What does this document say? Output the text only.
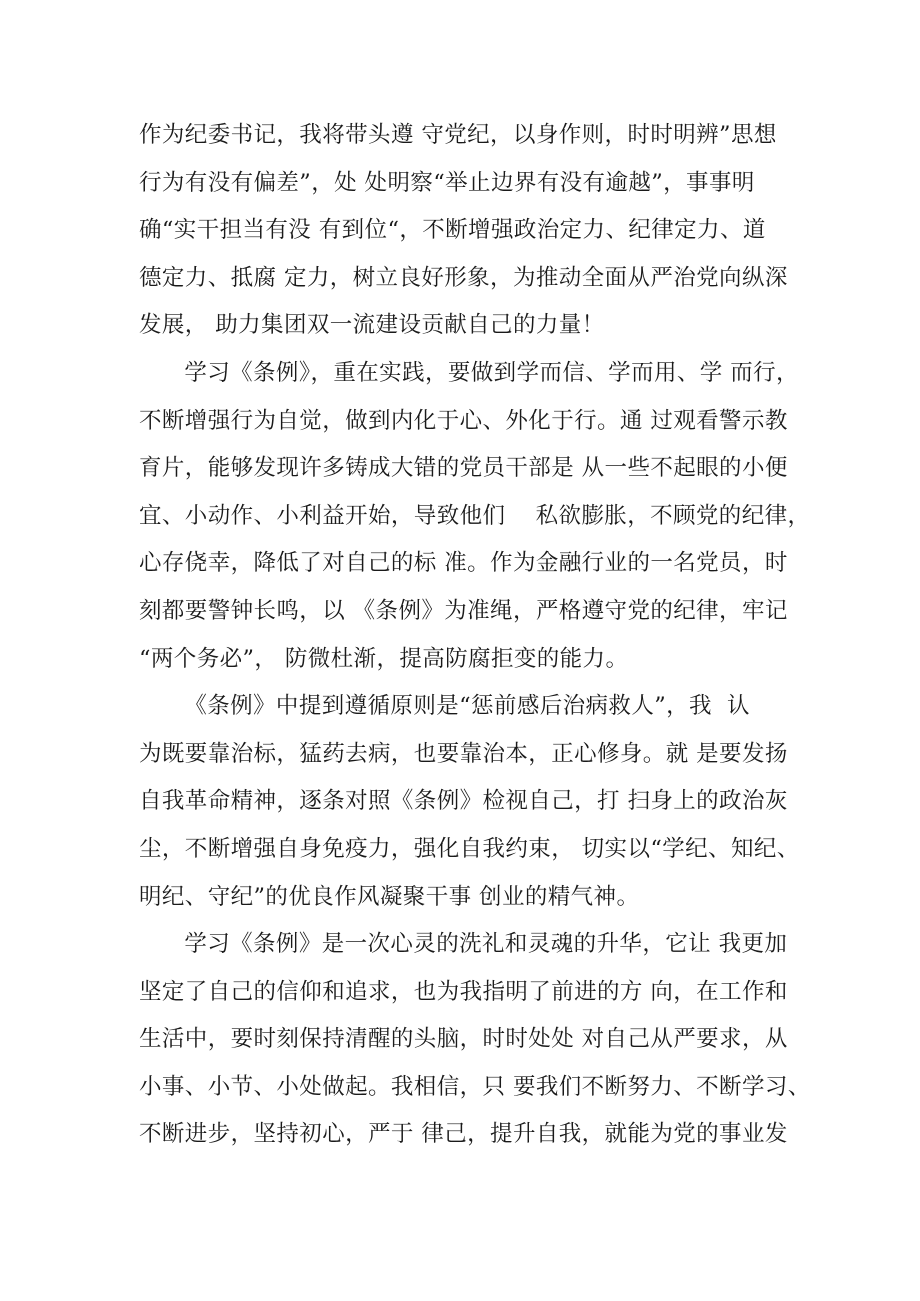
作为纪委书记，我将带头遵 守党纪，以身作则，时时明辨”思想
行为有没有偏差”，处 处明察“举止边界有没有逾越”，事事明
确“实干担当有没 有到位“，不断增强政治定力、纪律定力、道
德定力、抵腐 定力，树立良好形象，为推动全面从严治党向纵深
发展， 助力集团双一流建设贡献自己的力量！
学习《条例》，重在实践，要做到学而信、学而用、学 而行，
不断增强行为自觉，做到内化于心、外化于行。通 过观看警示教
育片，能够发现许多铸成大错的党员干部是 从一些不起眼的小便
宜、小动作、小利益开始，导致他们    私欲膨胀，不顾党的纪律，
心存侥幸，降低了对自己的标 准。作为金融行业的一名党员，时
刻都要警钟长鸣，以 《条例》为准绳，严格遵守党的纪律，牢记
“两个务必”， 防微杜渐，提高防腐拒变的能力。
《条例》中提到遵循原则是“惩前感后治病救人”，我  认
为既要靠治标，猛药去病，也要靠治本，正心修身。就 是要发扬
自我革命精神，逐条对照《条例》检视自己，打 扫身上的政治灰
尘，不断增强自身免疫力，强化自我约束， 切实以“学纪、知纪、
明纪、守纪”的优良作风凝聚干事 创业的精气神。
学习《条例》是一次心灵的洗礼和灵魂的升华，它让 我更加
坚定了自己的信仰和追求，也为我指明了前进的方 向，在工作和
生活中，要时刻保持清醒的头脑，时时处处 对自己从严要求，从
小事、小节、小处做起。我相信，只 要我们不断努力、不断学习、
不断进步，坚持初心，严于 律己，提升自我，就能为党的事业发
